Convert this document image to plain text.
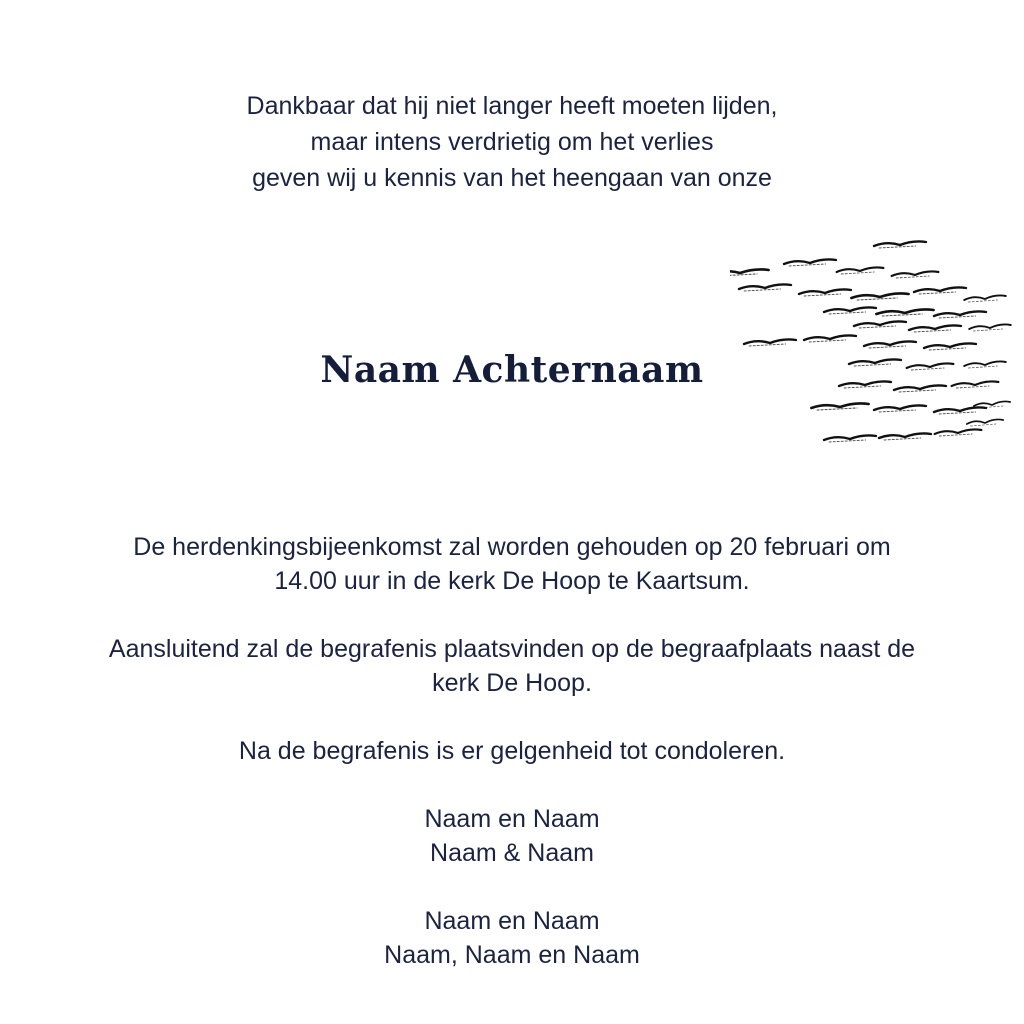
Dankbaar dat hij niet langer heeft moeten lijden,
maar intens verdrietig om het verlies
geven wij u kennis van het heengaan van onze
Naam Achternaam
De herdenkingsbijeenkomst zal worden gehouden op 20 februari om
14.00 uur in de kerk De Hoop te Kaartsum.
Aansluitend zal de begrafenis plaatsvinden op de begraafplaats naast de
kerk De Hoop.
Na de begrafenis is er gelgenheid tot condoleren.
Naam en Naam
Naam & Naam
Naam en Naam
Naam, Naam en Naam
